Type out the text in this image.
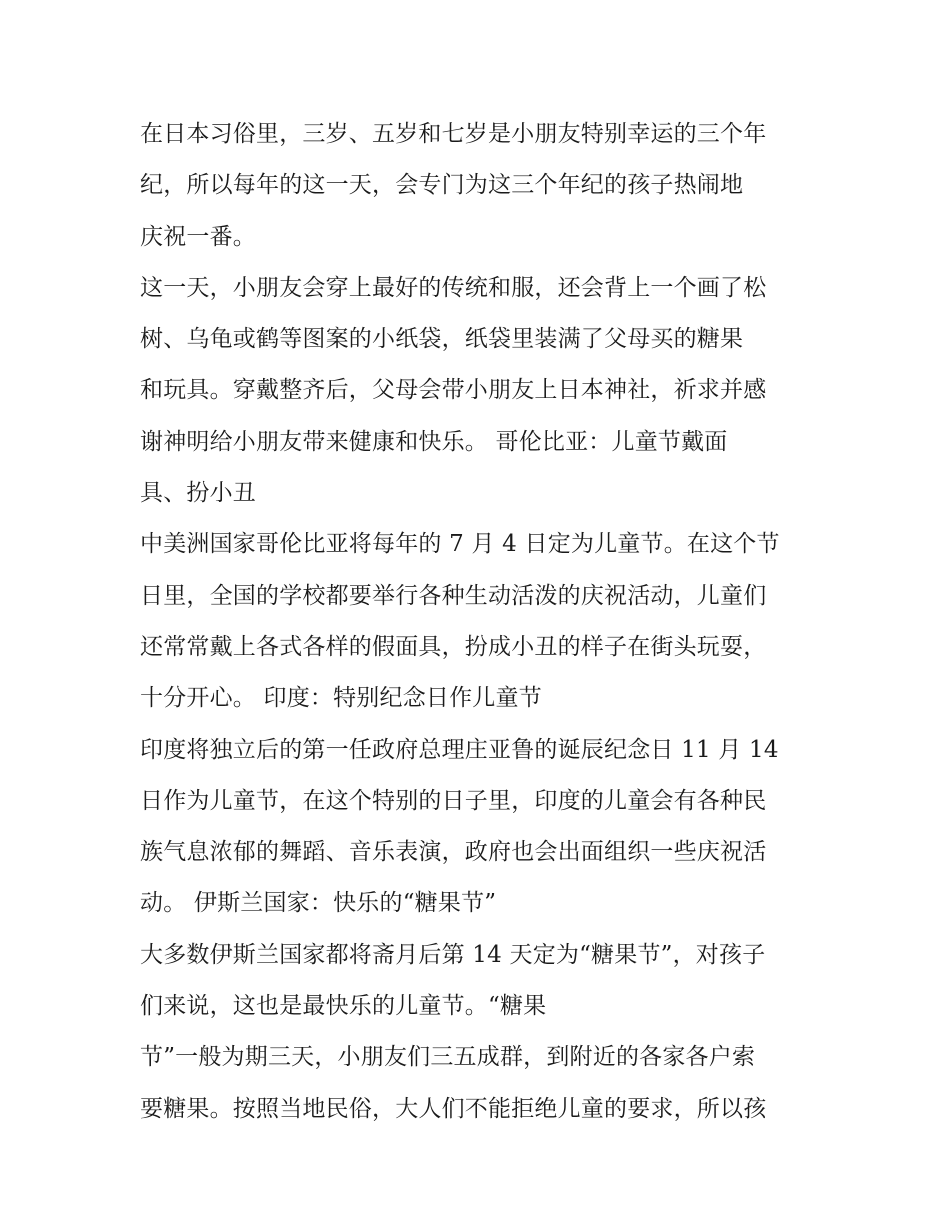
在日本习俗里，三岁、五岁和七岁是小朋友特别幸运的三个年
纪，所以每年的这一天，会专门为这三个年纪的孩子热闹地
庆祝一番。
这一天，小朋友会穿上最好的传统和服，还会背上一个画了松
树、乌龟或鹤等图案的小纸袋，纸袋里装满了父母买的糖果
和玩具。穿戴整齐后，父母会带小朋友上日本神社，祈求并感
谢神明给小朋友带来健康和快乐。 哥伦比亚：儿童节戴面
具、扮小丑
中美洲国家哥伦比亚将每年的 7 月 4 日定为儿童节。在这个节
日里，全国的学校都要举行各种生动活泼的庆祝活动，儿童们
还常常戴上各式各样的假面具，扮成小丑的样子在街头玩耍，
十分开心。 印度：特别纪念日作儿童节
印度将独立后的第一任政府总理庄亚鲁的诞辰纪念日 11 月 14
日作为儿童节，在这个特别的日子里，印度的儿童会有各种民
族气息浓郁的舞蹈、音乐表演，政府也会出面组织一些庆祝活
动。 伊斯兰国家：快乐的“糖果节”
大多数伊斯兰国家都将斋月后第 14 天定为“糖果节”，对孩子
们来说，这也是最快乐的儿童节。“糖果
节”一般为期三天，小朋友们三五成群，到附近的各家各户索
要糖果。按照当地民俗，大人们不能拒绝儿童的要求，所以孩
